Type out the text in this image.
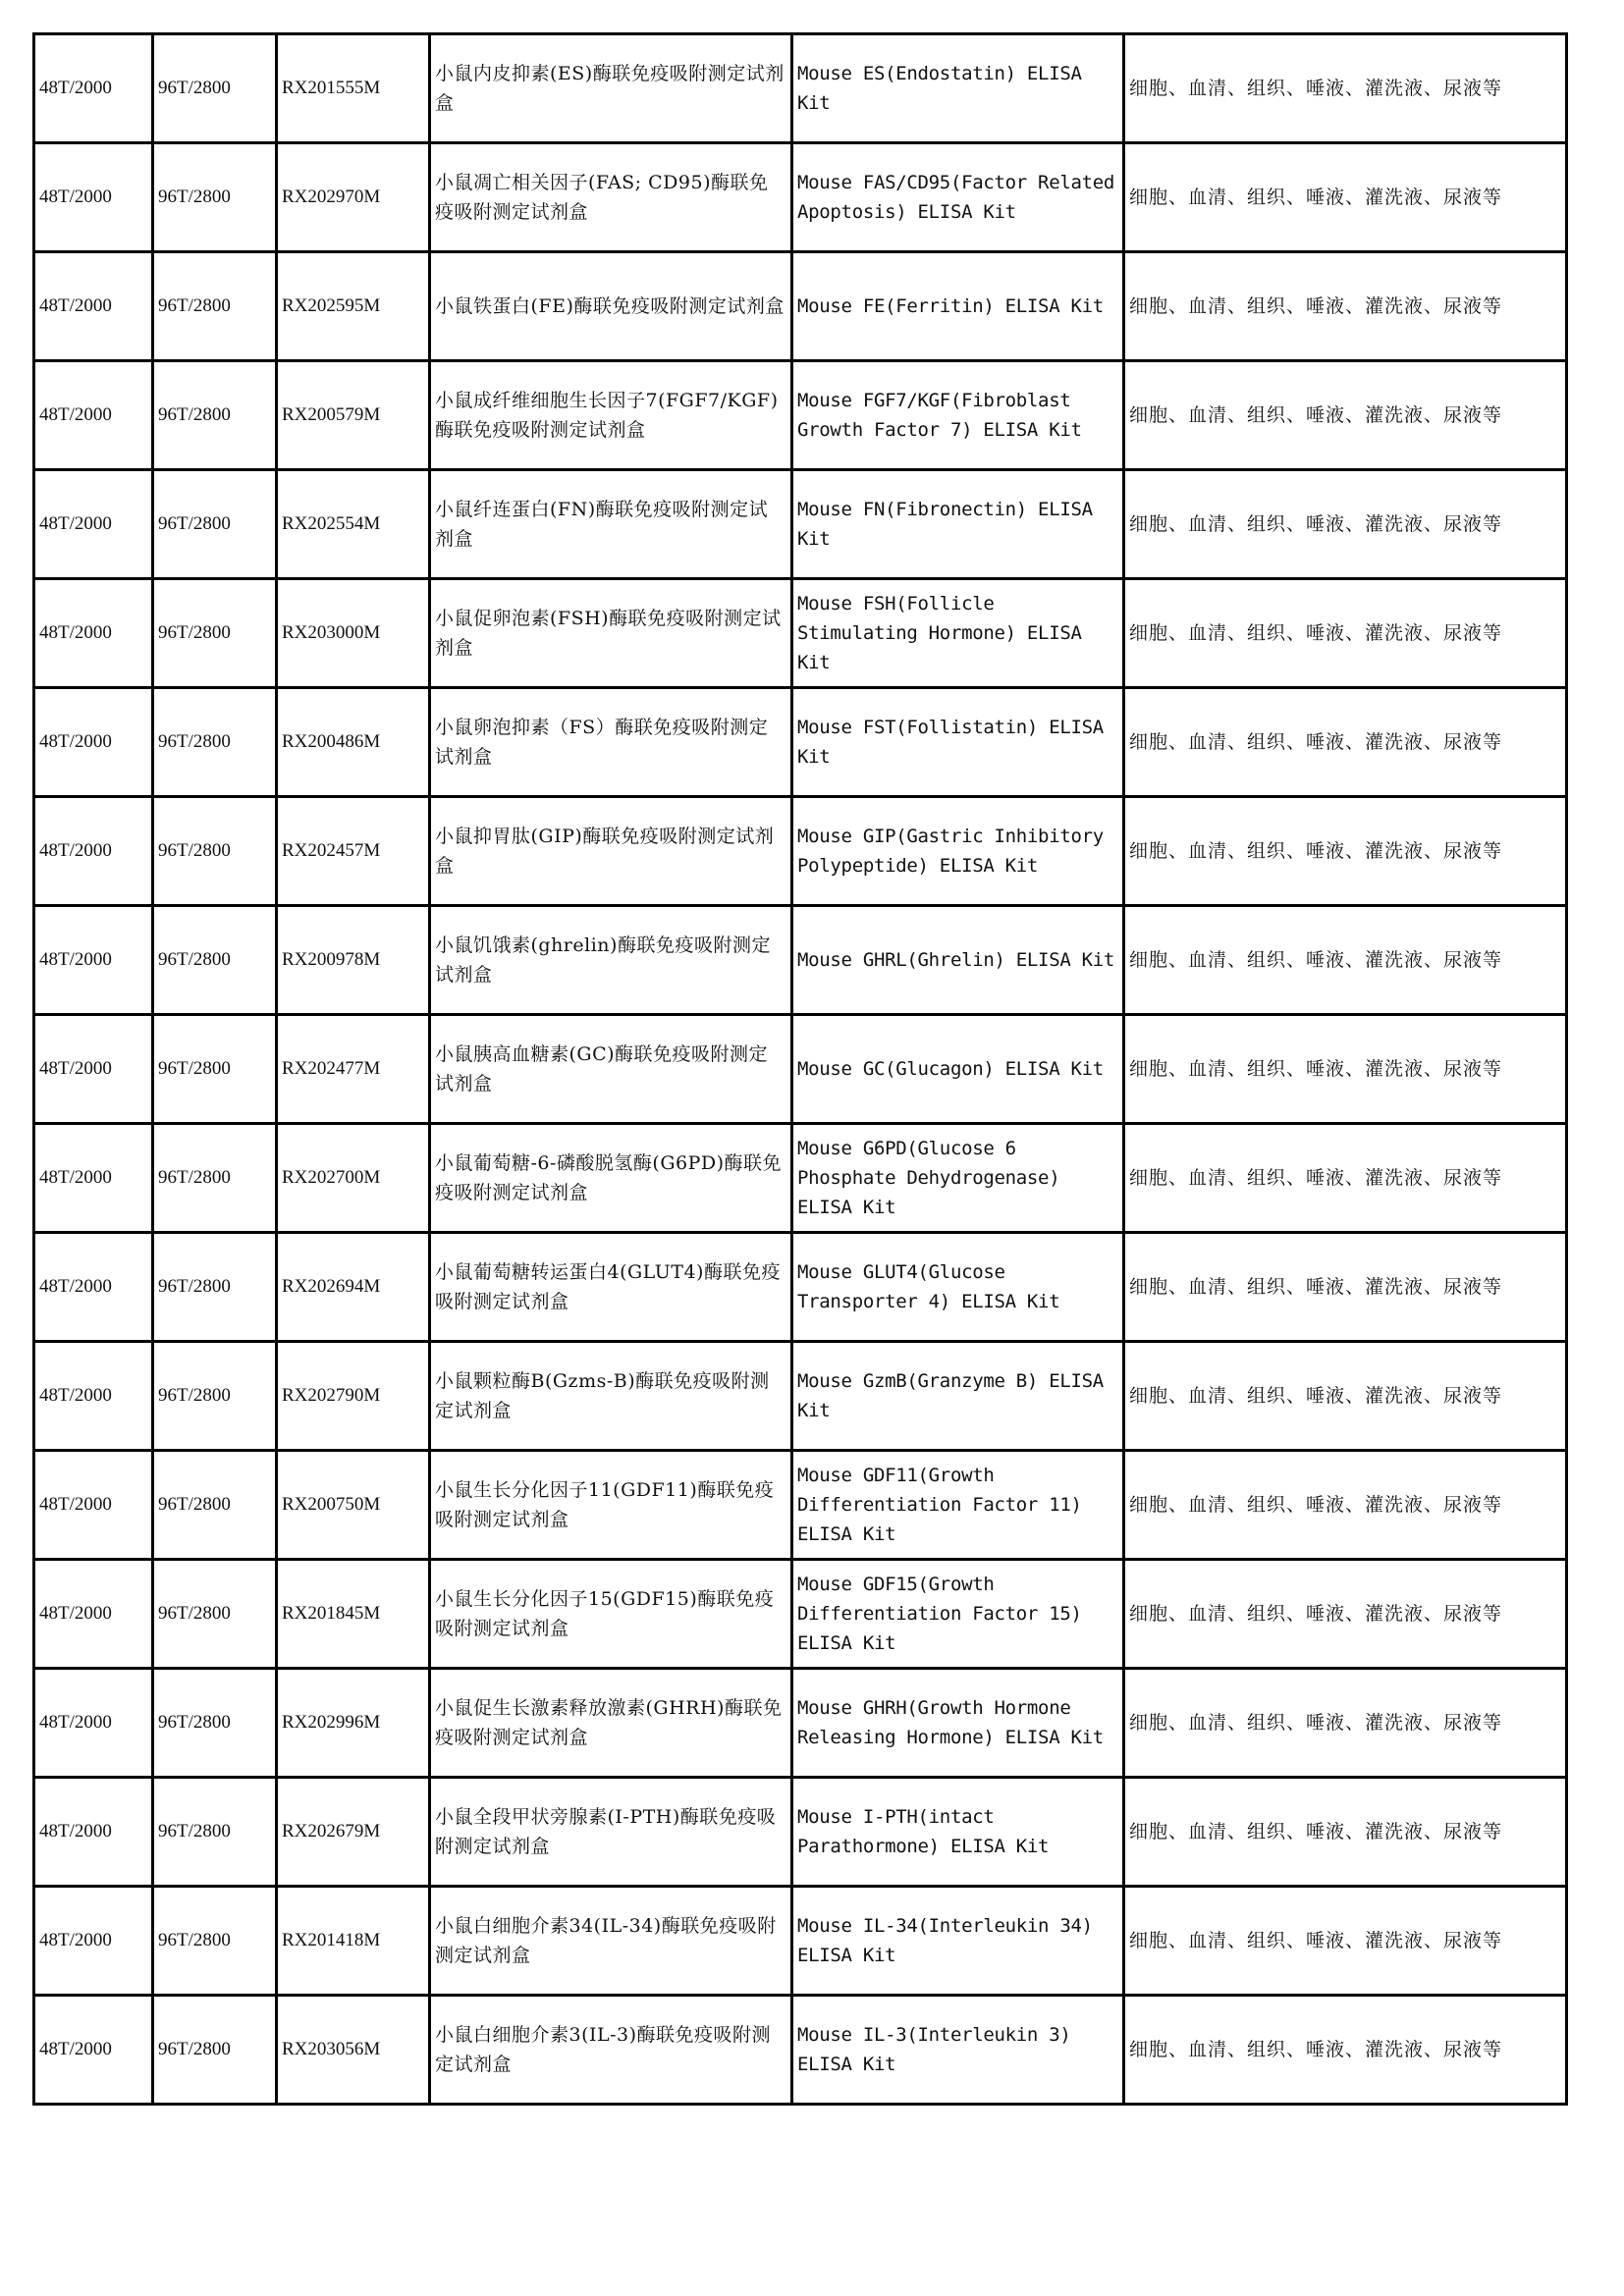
48T/2000	96T/2800	RX201555M	小鼠内皮抑素(ES)酶联免疫吸附测定试剂盒	Mouse ES(Endostatin) ELISA Kit	细胞、血清、组织、唾液、灌洗液、尿液等
48T/2000	96T/2800	RX202970M	小鼠凋亡相关因子(FAS; CD95)酶联免疫吸附测定试剂盒	Mouse FAS/CD95(Factor Related Apoptosis) ELISA Kit	细胞、血清、组织、唾液、灌洗液、尿液等
48T/2000	96T/2800	RX202595M	小鼠铁蛋白(FE)酶联免疫吸附测定试剂盒	Mouse FE(Ferritin) ELISA Kit	细胞、血清、组织、唾液、灌洗液、尿液等
48T/2000	96T/2800	RX200579M	小鼠成纤维细胞生长因子7(FGF7/KGF)酶联免疫吸附测定试剂盒	Mouse FGF7/KGF(Fibroblast Growth Factor 7) ELISA Kit	细胞、血清、组织、唾液、灌洗液、尿液等
48T/2000	96T/2800	RX202554M	小鼠纤连蛋白(FN)酶联免疫吸附测定试剂盒	Mouse FN(Fibronectin) ELISA Kit	细胞、血清、组织、唾液、灌洗液、尿液等
48T/2000	96T/2800	RX203000M	小鼠促卵泡素(FSH)酶联免疫吸附测定试剂盒	Mouse FSH(Follicle Stimulating Hormone) ELISA Kit	细胞、血清、组织、唾液、灌洗液、尿液等
48T/2000	96T/2800	RX200486M	小鼠卵泡抑素（FS）酶联免疫吸附测定试剂盒	Mouse FST(Follistatin) ELISA Kit	细胞、血清、组织、唾液、灌洗液、尿液等
48T/2000	96T/2800	RX202457M	小鼠抑胃肽(GIP)酶联免疫吸附测定试剂盒	Mouse GIP(Gastric Inhibitory Polypeptide) ELISA Kit	细胞、血清、组织、唾液、灌洗液、尿液等
48T/2000	96T/2800	RX200978M	小鼠饥饿素(ghrelin)酶联免疫吸附测定试剂盒	Mouse GHRL(Ghrelin) ELISA Kit	细胞、血清、组织、唾液、灌洗液、尿液等
48T/2000	96T/2800	RX202477M	小鼠胰高血糖素(GC)酶联免疫吸附测定试剂盒	Mouse GC(Glucagon) ELISA Kit	细胞、血清、组织、唾液、灌洗液、尿液等
48T/2000	96T/2800	RX202700M	小鼠葡萄糖-6-磷酸脱氢酶(G6PD)酶联免疫吸附测定试剂盒	Mouse G6PD(Glucose 6 Phosphate Dehydrogenase) ELISA Kit	细胞、血清、组织、唾液、灌洗液、尿液等
48T/2000	96T/2800	RX202694M	小鼠葡萄糖转运蛋白4(GLUT4)酶联免疫吸附测定试剂盒	Mouse GLUT4(Glucose Transporter 4) ELISA Kit	细胞、血清、组织、唾液、灌洗液、尿液等
48T/2000	96T/2800	RX202790M	小鼠颗粒酶B(Gzms-B)酶联免疫吸附测定试剂盒	Mouse GzmB(Granzyme B) ELISA Kit	细胞、血清、组织、唾液、灌洗液、尿液等
48T/2000	96T/2800	RX200750M	小鼠生长分化因子11(GDF11)酶联免疫吸附测定试剂盒	Mouse GDF11(Growth Differentiation Factor 11) ELISA Kit	细胞、血清、组织、唾液、灌洗液、尿液等
48T/2000	96T/2800	RX201845M	小鼠生长分化因子15(GDF15)酶联免疫吸附测定试剂盒	Mouse GDF15(Growth Differentiation Factor 15) ELISA Kit	细胞、血清、组织、唾液、灌洗液、尿液等
48T/2000	96T/2800	RX202996M	小鼠促生长激素释放激素(GHRH)酶联免疫吸附测定试剂盒	Mouse GHRH(Growth Hormone Releasing Hormone) ELISA Kit	细胞、血清、组织、唾液、灌洗液、尿液等
48T/2000	96T/2800	RX202679M	小鼠全段甲状旁腺素(I-PTH)酶联免疫吸附测定试剂盒	Mouse I-PTH(intact Parathormone) ELISA Kit	细胞、血清、组织、唾液、灌洗液、尿液等
48T/2000	96T/2800	RX201418M	小鼠白细胞介素34(IL-34)酶联免疫吸附测定试剂盒	Mouse IL-34(Interleukin 34) ELISA Kit	细胞、血清、组织、唾液、灌洗液、尿液等
48T/2000	96T/2800	RX203056M	小鼠白细胞介素3(IL-3)酶联免疫吸附测定试剂盒	Mouse IL-3(Interleukin 3) ELISA Kit	细胞、血清、组织、唾液、灌洗液、尿液等
